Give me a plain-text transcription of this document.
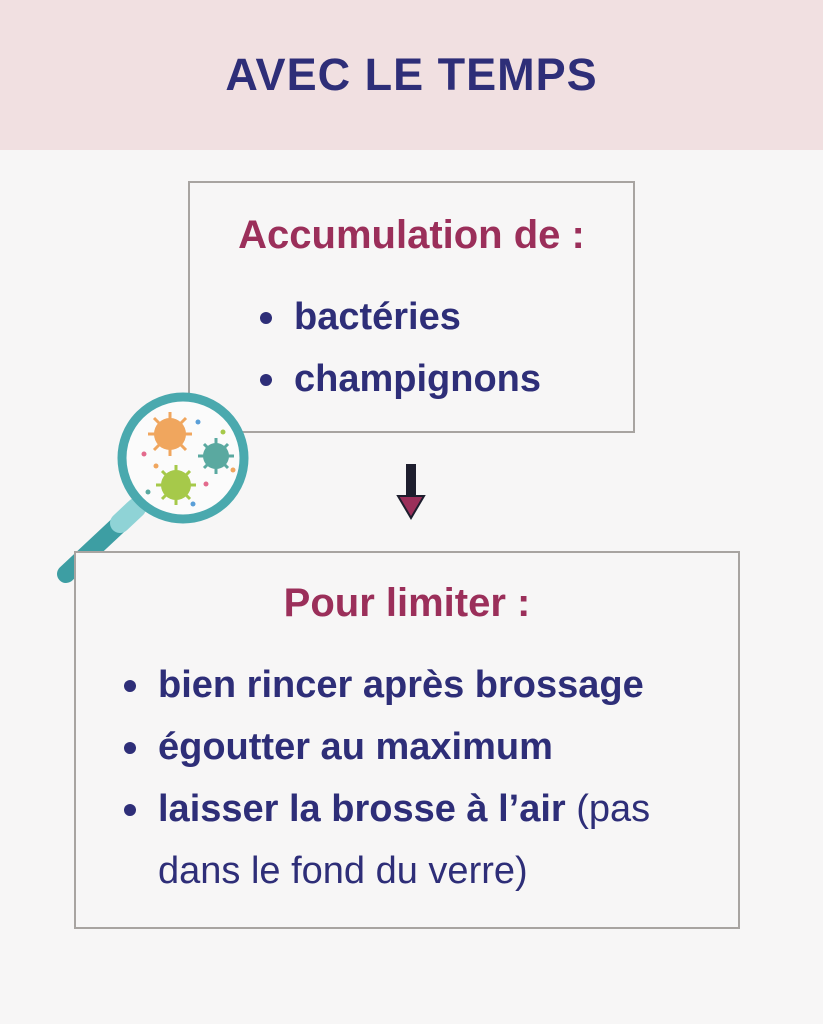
AVEC LE TEMPS

Accumulation de :

bactéries
champignons

Pour limiter :

bien rincer après brossage
égoutter au maximum
laisser la brosse à l’air (pas dans le fond du verre)
